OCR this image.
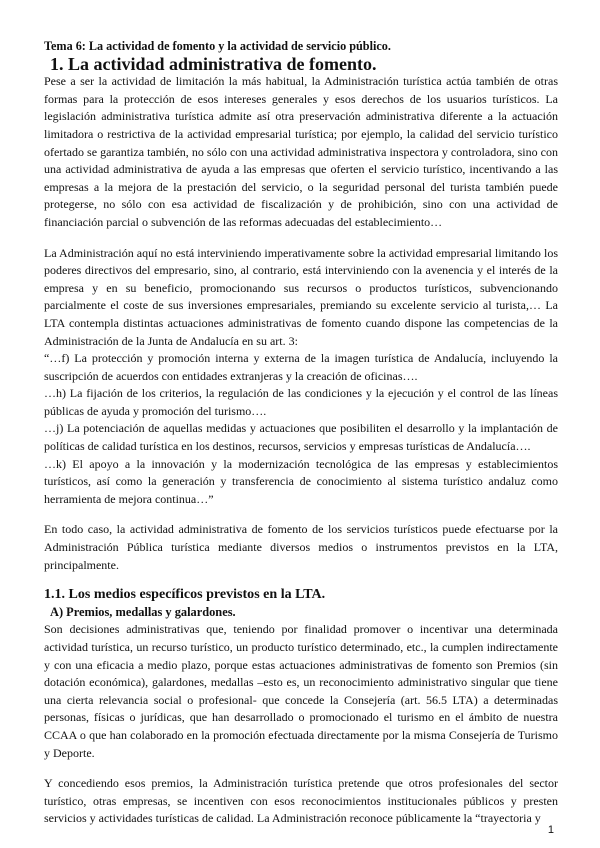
Tema 6: La actividad de fomento y la actividad de servicio público.
1. La actividad administrativa de fomento.

Pese a ser la actividad de limitación la más habitual, la Administración turística actúa también de otras formas para la protección de esos intereses generales y esos derechos de los usuarios turísticos. La legislación administrativa turística admite así otra preservación administrativa diferente a la actuación limitadora o restrictiva de la actividad empresarial turística; por ejemplo, la calidad del servicio turístico ofertado se garantiza también, no sólo con una actividad administrativa inspectora y controladora, sino con una actividad administrativa de ayuda a las empresas que oferten el servicio turístico, incentivando a las empresas a la mejora de la prestación del servicio, o la seguridad personal del turista también puede protegerse, no sólo con esa actividad de fiscalización y de prohibición, sino con una actividad de financiación parcial o subvención de las reformas adecuadas del establecimiento…

La Administración aquí no está interviniendo imperativamente sobre la actividad empresarial limitando los poderes directivos del empresario, sino, al contrario, está interviniendo con la avenencia y el interés de la empresa y en su beneficio, promocionando sus recursos o productos turísticos, subvencionando parcialmente el coste de sus inversiones empresariales, premiando su excelente servicio al turista,… La LTA contempla distintas actuaciones administrativas de fomento cuando dispone las competencias de la Administración de la Junta de Andalucía en su art. 3:

“…f) La protección y promoción interna y externa de la imagen turística de Andalucía, incluyendo la suscripción de acuerdos con entidades extranjeras y la creación de oficinas….

…h) La fijación de los criterios, la regulación de las condiciones y la ejecución y el control de las líneas públicas de ayuda y promoción del turismo….

…j) La potenciación de aquellas medidas y actuaciones que posibiliten el desarrollo y la implantación de políticas de calidad turística en los destinos, recursos, servicios y empresas turísticas de Andalucía….

…k) El apoyo a la innovación y la modernización tecnológica de las empresas y establecimientos turísticos, así como la generación y transferencia de conocimiento al sistema turístico andaluz como herramienta de mejora continua…”

En todo caso, la actividad administrativa de fomento de los servicios turísticos puede efectuarse por la Administración Pública turística mediante diversos medios o instrumentos previstos en la LTA, principalmente.

1.1. Los medios específicos previstos en la LTA.
A) Premios, medallas y galardones.

Son decisiones administrativas que, teniendo por finalidad promover o incentivar una determinada actividad turística, un recurso turístico, un producto turístico determinado, etc., la cumplen indirectamente y con una eficacia a medio plazo, porque estas actuaciones administrativas de fomento son Premios (sin dotación económica), galardones, medallas –esto es, un reconocimiento administrativo singular que tiene una cierta relevancia social o profesional- que concede la Consejería (art. 56.5 LTA) a determinadas personas, físicas o jurídicas, que han desarrollado o promocionado el turismo en el ámbito de nuestra CCAA o que han colaborado en la promoción efectuada directamente por la misma Consejería de Turismo y Deporte.

Y concediendo esos premios, la Administración turística pretende que otros profesionales del sector turístico, otras empresas, se incentiven con esos reconocimientos institucionales públicos y presten servicios y actividades turísticas de calidad. La Administración reconoce públicamente la “trayectoria y

1
